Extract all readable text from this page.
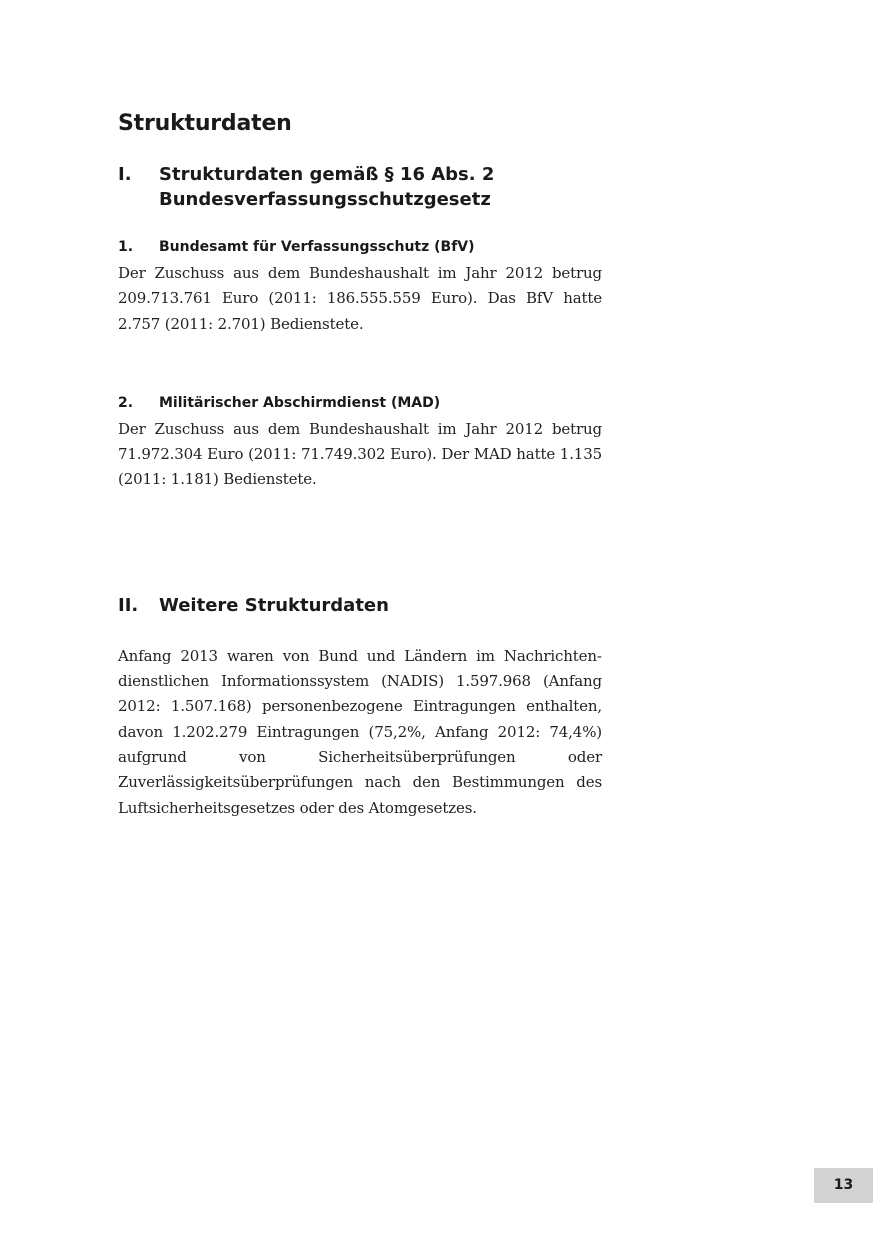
Strukturdaten
I.	Strukturdaten gemäß § 16 Abs. 2
Bundesverfassungsschutzgesetz
1.	Bundesamt für Verfassungsschutz (BfV)

Der Zuschuss aus dem Bundeshaushalt im Jahr 2012 betrug 209.713.761 Euro (2011: 186.555.559 Euro). Das BfV hatte 2.757 (2011: 2.701) Bedienstete.

2.	Militärischer Abschirmdienst (MAD)

Der Zuschuss aus dem Bundeshaushalt im Jahr 2012 betrug 71.972.304 Euro (2011: 71.749.302 Euro). Der MAD hatte 1.135 (2011: 1.181) Bedienstete.

II.	Weitere Strukturdaten

Anfang 2013 waren von Bund und Ländern im Nachrichtendienstlichen Informationssystem (NADIS) 1.597.968 (Anfang 2012: 1.507.168) personenbezogene Eintragungen enthalten, davon 1.202.279 Eintragungen (75,2%, Anfang 2012: 74,4%) aufgrund von Sicherheitsüberprüfungen oder Zuverlässigkeitsüberprüfungen nach den Bestimmungen des Luftsicherheitsgesetzes oder des Atomgesetzes.

13
